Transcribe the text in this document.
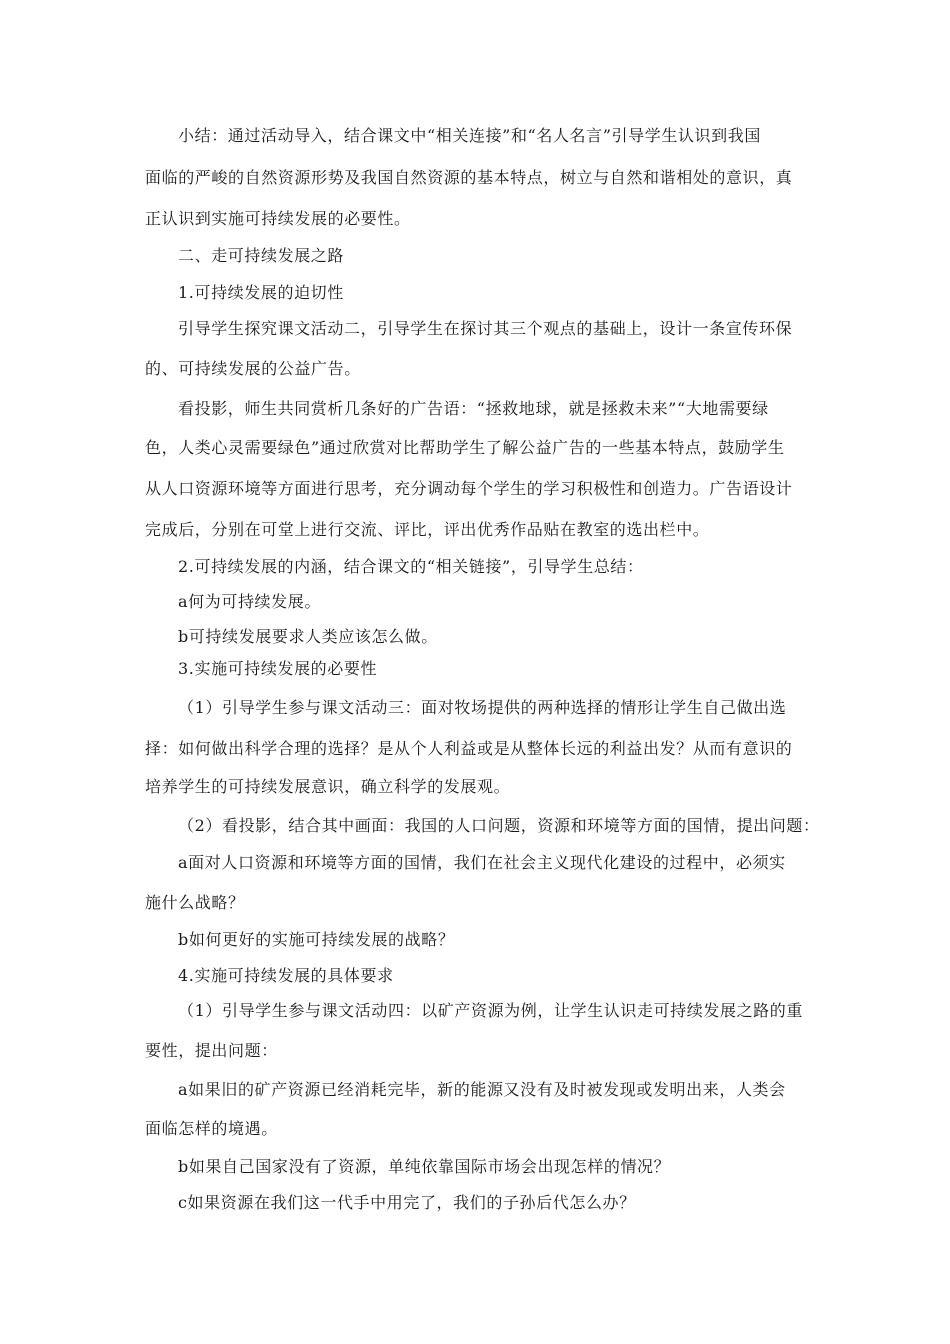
小结：通过活动导入，结合课文中“相关连接”和“名人名言”引导学生认识到我国
面临的严峻的自然资源形势及我国自然资源的基本特点，树立与自然和谐相处的意识，真
正认识到实施可持续发展的必要性。
二、走可持续发展之路
1.可持续发展的迫切性
引导学生探究课文活动二，引导学生在探讨其三个观点的基础上，设计一条宣传环保
的、可持续发展的公益广告。
看投影，师生共同赏析几条好的广告语：“拯救地球，就是拯救未来”“大地需要绿
色，人类心灵需要绿色”通过欣赏对比帮助学生了解公益广告的一些基本特点，鼓励学生
从人口资源环境等方面进行思考，充分调动每个学生的学习积极性和创造力。广告语设计
完成后，分别在可堂上进行交流、评比，评出优秀作品贴在教室的选出栏中。
2.可持续发展的内涵，结合课文的“相关链接”，引导学生总结：
a何为可持续发展。
b可持续发展要求人类应该怎么做。
3.实施可持续发展的必要性
（1）引导学生参与课文活动三：面对牧场提供的两种选择的情形让学生自己做出选
择：如何做出科学合理的选择？是从个人利益或是从整体长远的利益出发？从而有意识的
培养学生的可持续发展意识，确立科学的发展观。
（2）看投影，结合其中画面：我国的人口问题，资源和环境等方面的国情，提出问题：
a面对人口资源和环境等方面的国情，我们在社会主义现代化建设的过程中，必须实
施什么战略？
b如何更好的实施可持续发展的战略？
4.实施可持续发展的具体要求
（1）引导学生参与课文活动四：以矿产资源为例，让学生认识走可持续发展之路的重
要性，提出问题：
a如果旧的矿产资源已经消耗完毕，新的能源又没有及时被发现或发明出来，人类会
面临怎样的境遇。
b如果自己国家没有了资源，单纯依靠国际市场会出现怎样的情况？
c如果资源在我们这一代手中用完了，我们的子孙后代怎么办？
